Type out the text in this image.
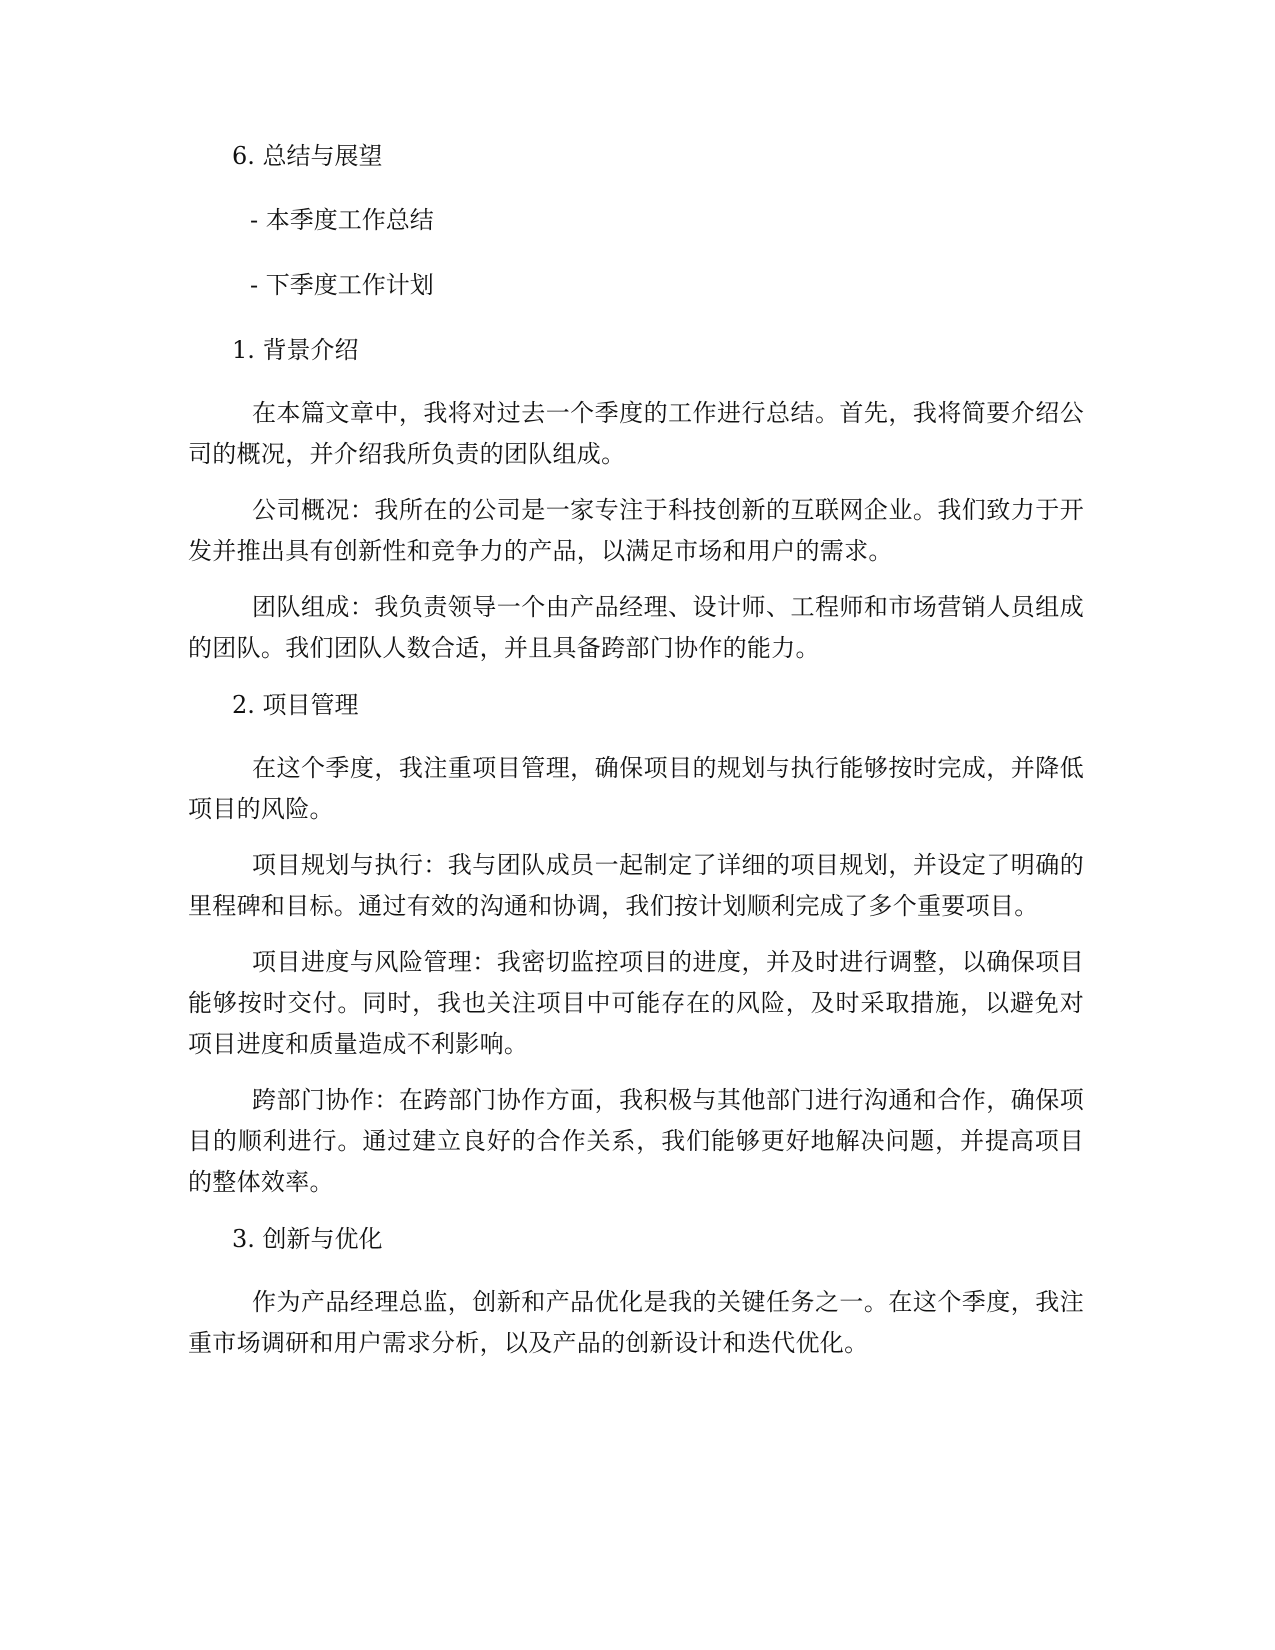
6. 总结与展望
- 本季度工作总结
- 下季度工作计划
1. 背景介绍

在本篇文章中，我将对过去一个季度的工作进行总结。首先，我将简要介绍公司的概况，并介绍我所负责的团队组成。

公司概况：我所在的公司是一家专注于科技创新的互联网企业。我们致力于开发并推出具有创新性和竞争力的产品，以满足市场和用户的需求。

团队组成：我负责领导一个由产品经理、设计师、工程师和市场营销人员组成的团队。我们团队人数合适，并且具备跨部门协作的能力。

2. 项目管理

在这个季度，我注重项目管理，确保项目的规划与执行能够按时完成，并降低项目的风险。

项目规划与执行：我与团队成员一起制定了详细的项目规划，并设定了明确的里程碑和目标。通过有效的沟通和协调，我们按计划顺利完成了多个重要项目。

项目进度与风险管理：我密切监控项目的进度，并及时进行调整，以确保项目能够按时交付。同时，我也关注项目中可能存在的风险，及时采取措施，以避免对项目进度和质量造成不利影响。

跨部门协作：在跨部门协作方面，我积极与其他部门进行沟通和合作，确保项目的顺利进行。通过建立良好的合作关系，我们能够更好地解决问题，并提高项目的整体效率。

3. 创新与优化

作为产品经理总监，创新和产品优化是我的关键任务之一。在这个季度，我注重市场调研和用户需求分析，以及产品的创新设计和迭代优化。
